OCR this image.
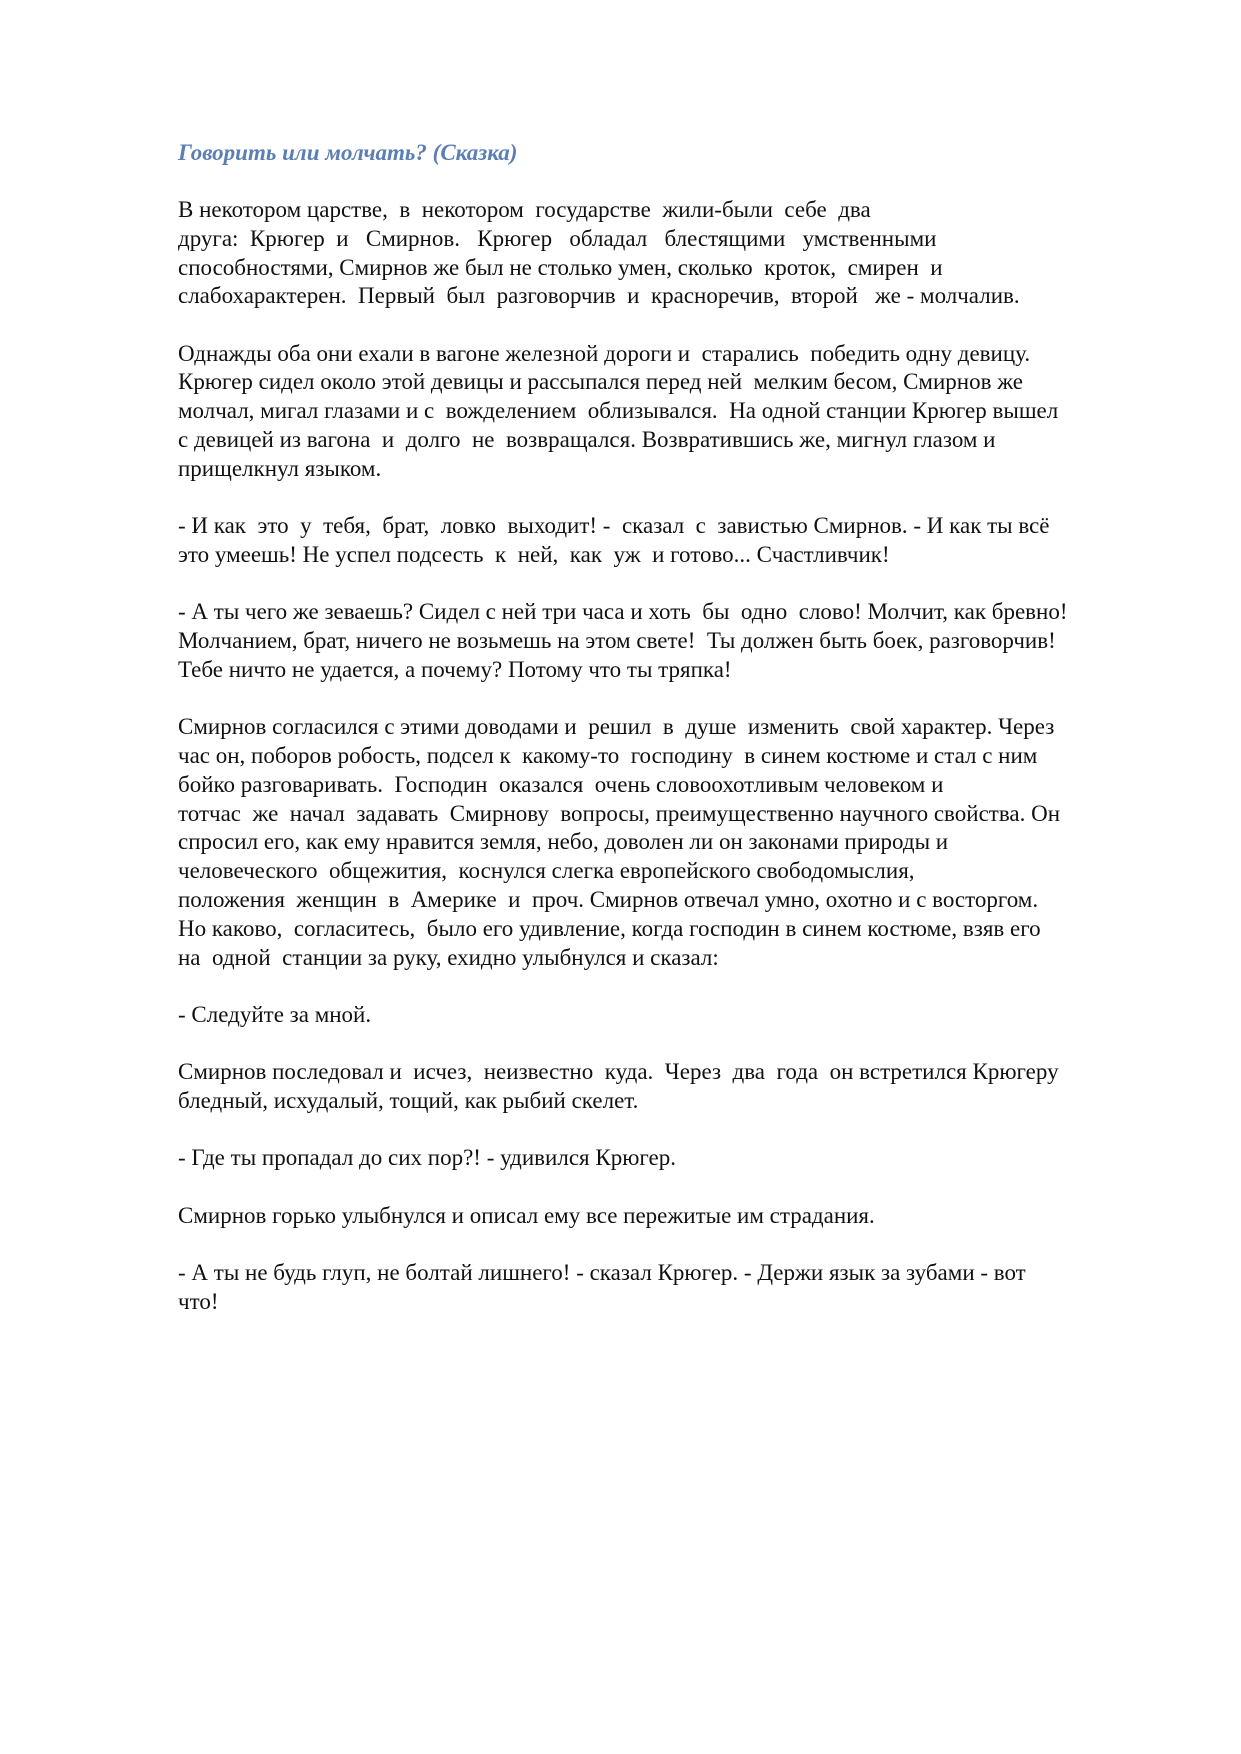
Говорить или молчать? (Сказка)
В некотором царстве,  в  некотором  государстве  жили-были  себе  два
друга:  Крюгер  и   Смирнов.   Крюгер   обладал   блестящими   умственными
способностями, Смирнов же был не столько умен, сколько  кроток,  смирен  и
слабохарактерен.  Первый  был  разговорчив  и  красноречив,  второй   же - молчалив.
Однажды оба они ехали в вагоне железной дороги и  старались  победить одну девицу.
Крюгер сидел около этой девицы и рассыпался перед ней  мелким бесом, Смирнов же
молчал, мигал глазами и с  вожделением  облизывался.  На одной станции Крюгер вышел
с девицей из вагона  и  долго  не  возвращался. Возвратившись же, мигнул глазом и
прищелкнул языком.
- И как  это  у  тебя,  брат,  ловко  выходит! -  сказал  с  завистью Смирнов. - И как ты всё
это умеешь! Не успел подсесть  к  ней,  как  уж  и готово... Счастливчик!
- А ты чего же зеваешь? Сидел с ней три часа и хоть  бы  одно  слово! Молчит, как бревно!
Молчанием, брат, ничего не возьмешь на этом свете!  Ты должен быть боек, разговорчив!
Тебе ничто не удается, а почему? Потому что ты тряпка!
Смирнов согласился с этими доводами и  решил  в  душе  изменить  свой характер. Через
час он, поборов робость, подсел к  какому-то  господину  в синем костюме и стал с ним
бойко разговаривать.  Господин  оказался  очень словоохотливым человеком и
тотчас  же  начал  задавать  Смирнову  вопросы, преимущественно научного свойства. Он
спросил его, как ему нравится земля, небо, доволен ли он законами природы и
человеческого  общежития,  коснулся слегка европейского свободомыслия,
положения  женщин  в  Америке  и  проч. Смирнов отвечал умно, охотно и с восторгом.
Но каково,  согласитесь,  было его удивление, когда господин в синем костюме, взяв его
на  одной  станции за руку, ехидно улыбнулся и сказал:
- Следуйте за мной.
Смирнов последовал и  исчез,  неизвестно  куда.  Через  два  года  он встретился Крюгеру
бледный, исхудалый, тощий, как рыбий скелет.
- Где ты пропадал до сих пор?! - удивился Крюгер.
Смирнов горько улыбнулся и описал ему все пережитые им страдания.
- А ты не будь глуп, не болтай лишнего! - сказал Крюгер. - Держи язык за зубами - вот
что!
